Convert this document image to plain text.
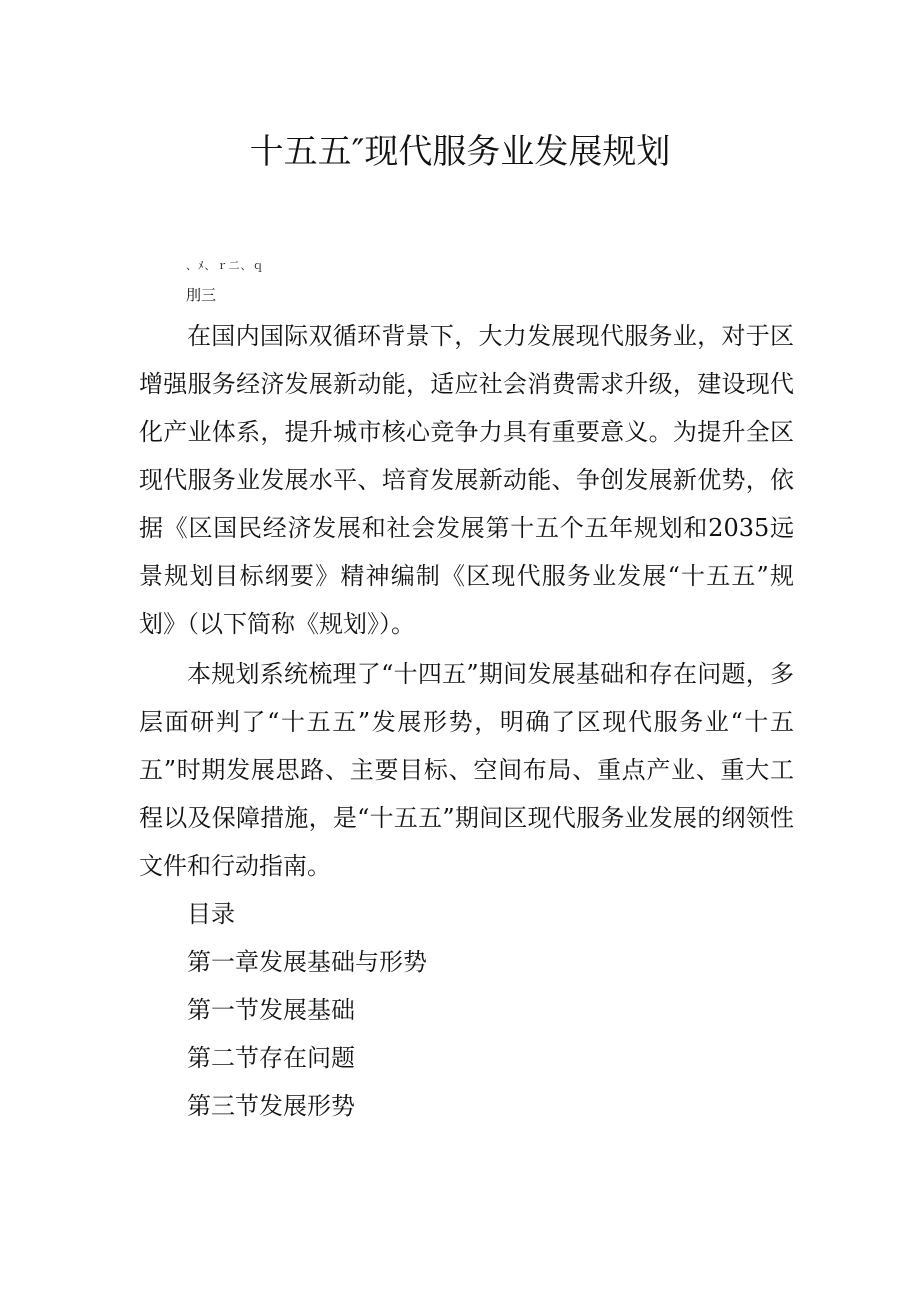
十五五″现代服务业发展规划
、ﾒ、ｒ二、ｑ
刖三

在国内国际双循环背景下，大力发展现代服务业，对于区增强服务经济发展新动能，适应社会消费需求升级，建设现代化产业体系，提升城市核心竞争力具有重要意义。为提升全区现代服务业发展水平、培育发展新动能、争创发展新优势，依据《区国民经济发展和社会发展第十五个五年规划和2035远景规划目标纲要》精神编制《区现代服务业发展“十五五”规划》（以下简称《规划》）。

本规划系统梳理了“十四五”期间发展基础和存在问题，多层面研判了“十五五”发展形势，明确了区现代服务业“十五五”时期发展思路、主要目标、空间布局、重点产业、重大工程以及保障措施，是“十五五”期间区现代服务业发展的纲领性文件和行动指南。

目录
第一章发展基础与形势
第一节发展基础
第二节存在问题
第三节发展形势
